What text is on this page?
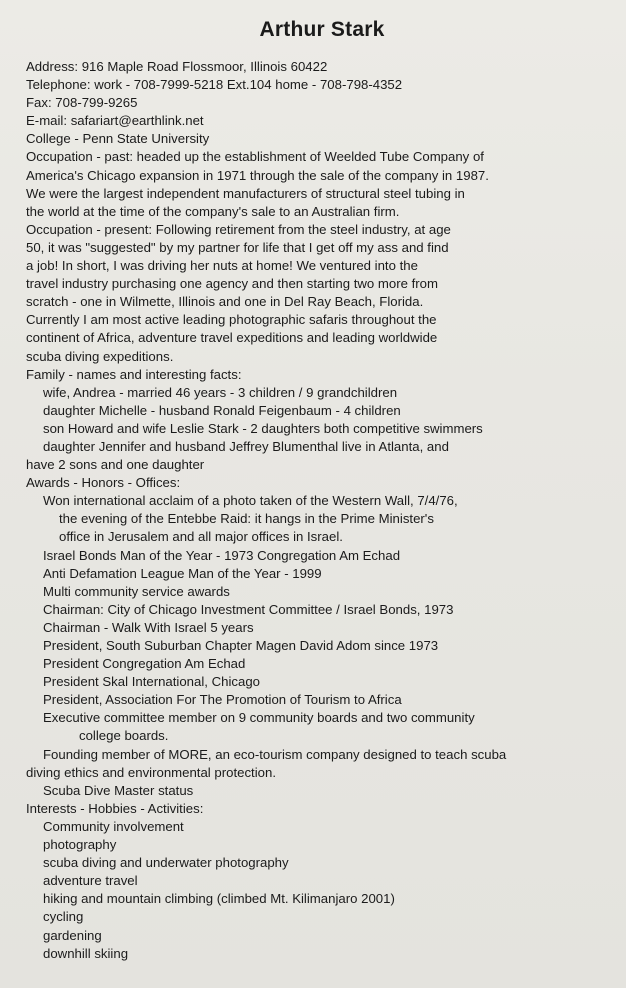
Arthur Stark
Address: 916 Maple Road Flossmoor, Illinois 60422
Telephone: work - 708-7999-5218 Ext.104 home - 708-798-4352
Fax: 708-799-9265
E-mail: safariart@earthlink.net
College - Penn State University
Occupation - past: headed up the establishment of Weelded Tube Company of
America's Chicago expansion in 1971 through the sale of the company in 1987.
We were the largest independent manufacturers of structural steel tubing in
the world at the time of the company's sale to an Australian firm.
Occupation - present: Following retirement from the steel industry, at age
50, it was "suggested" by my partner for life that I get off my ass and find
a job! In short, I was driving her nuts at home! We ventured into the
travel industry purchasing one agency and then starting two more from
scratch - one in Wilmette, Illinois and one in Del Ray Beach, Florida.
Currently I am most active leading photographic safaris throughout the
continent of Africa, adventure travel expeditions and leading worldwide
scuba diving expeditions.
Family - names and interesting facts:
wife, Andrea - married 46 years - 3 children / 9 grandchildren
daughter Michelle - husband Ronald Feigenbaum - 4 children
son Howard and wife Leslie Stark - 2 daughters both competitive swimmers
daughter Jennifer and husband Jeffrey Blumenthal live in Atlanta, and
have 2 sons and one daughter
Awards - Honors - Offices:
Won international acclaim of a photo taken of the Western Wall, 7/4/76,
the evening of the Entebbe Raid: it hangs in the Prime Minister's
office in Jerusalem and all major offices in Israel.
Israel Bonds Man of the Year - 1973 Congregation Am Echad
Anti Defamation League Man of the Year - 1999
Multi community service awards
Chairman: City of Chicago Investment Committee / Israel Bonds, 1973
Chairman - Walk With Israel 5 years
President, South Suburban Chapter Magen David Adom since 1973
President Congregation Am Echad
President Skal International, Chicago
President, Association For The Promotion of Tourism to Africa
Executive committee member on 9 community boards and two community
college boards.
Founding member of MORE, an eco-tourism company designed to teach scuba
diving ethics and environmental protection.
Scuba Dive Master status
Interests - Hobbies - Activities:
Community involvement
photography
scuba diving and underwater photography
adventure travel
hiking and mountain climbing (climbed Mt. Kilimanjaro 2001)
cycling
gardening
downhill skiing
